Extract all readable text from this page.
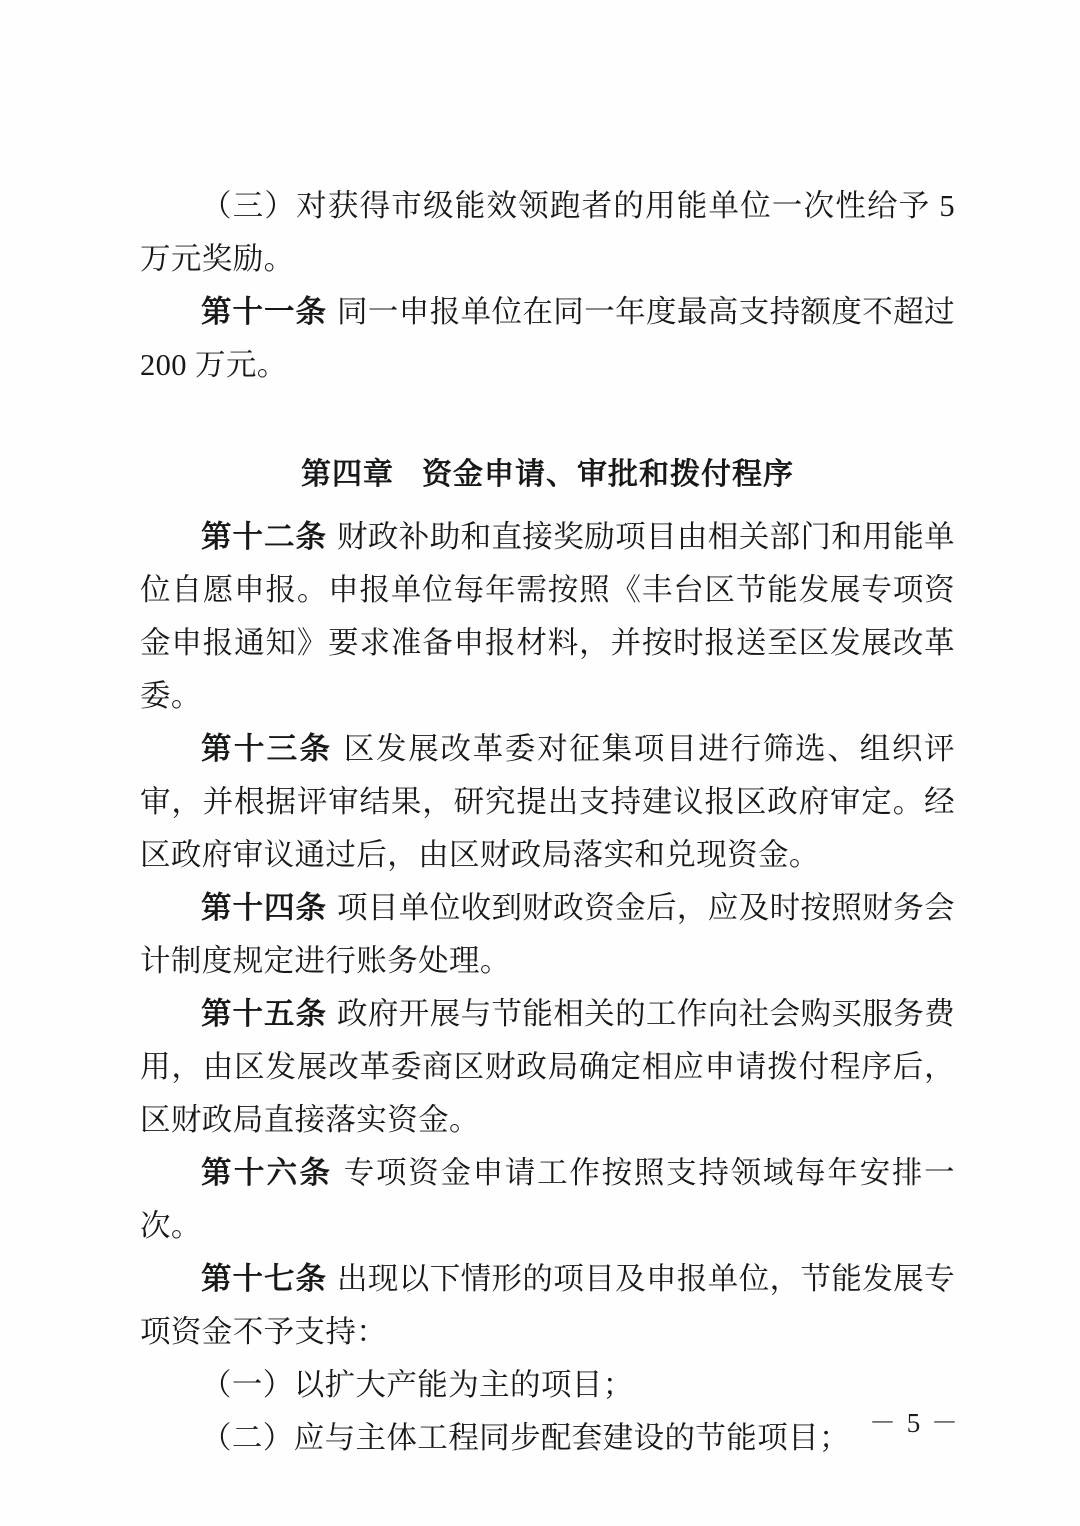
（三）对获得市级能效领跑者的用能单位一次性给予 5 万元奖励。

第十一条 同一申报单位在同一年度最高支持额度不超过 200 万元。

第四章 资金申请、审批和拨付程序

第十二条 财政补助和直接奖励项目由相关部门和用能单位自愿申报。申报单位每年需按照《丰台区节能发展专项资金申报通知》要求准备申报材料，并按时报送至区发展改革委。

第十三条 区发展改革委对征集项目进行筛选、组织评审，并根据评审结果，研究提出支持建议报区政府审定。经区政府审议通过后，由区财政局落实和兑现资金。

第十四条 项目单位收到财政资金后，应及时按照财务会计制度规定进行账务处理。

第十五条 政府开展与节能相关的工作向社会购买服务费用，由区发展改革委商区财政局确定相应申请拨付程序后，区财政局直接落实资金。

第十六条 专项资金申请工作按照支持领域每年安排一次。

第十七条 出现以下情形的项目及申报单位，节能发展专项资金不予支持：

（一）以扩大产能为主的项目；

（二）应与主体工程同步配套建设的节能项目； － 5 －
